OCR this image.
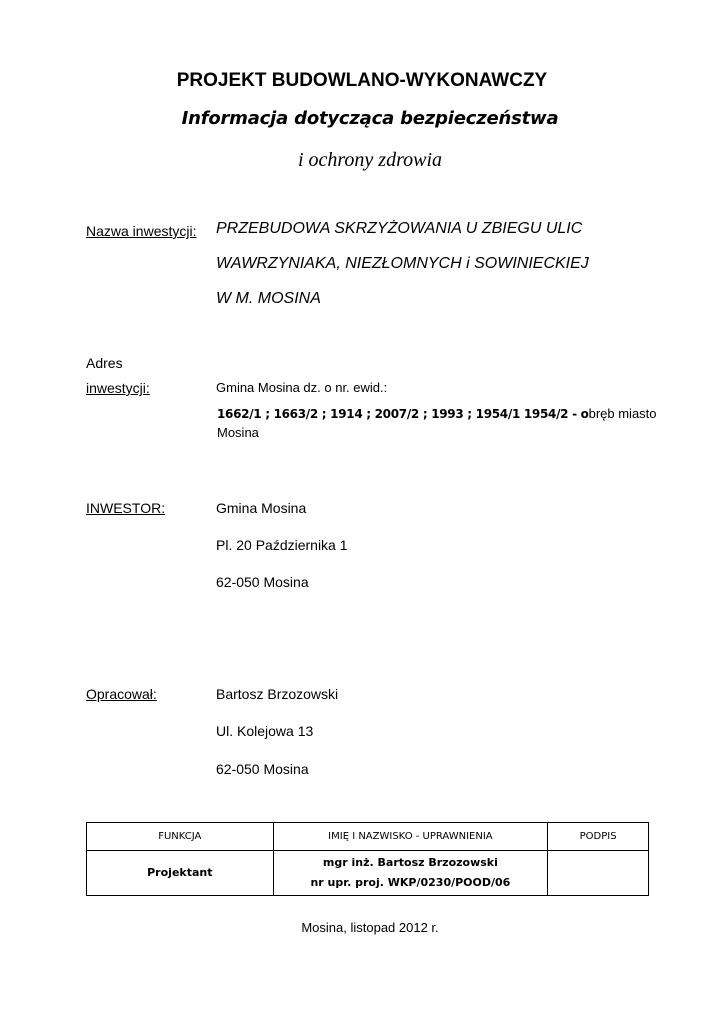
PROJEKT BUDOWLANO-WYKONAWCZY
Informacja dotycząca bezpieczeństwa
i ochrony zdrowia
Nazwa inwestycji: PRZEBUDOWA SKRZYŻOWANIA U ZBIEGU ULIC
WAWRZYNIAKA, NIEZŁOMNYCH i SOWINIECKIEJ
W M. MOSINA
Adres
inwestycji:	Gmina Mosina dz. o nr. ewid.:
1662/1 ; 1663/2 ; 1914 ; 2007/2 ; 1993 ; 1954/1 1954/2 - obręb miasto
Mosina
INWESTOR:	Gmina Mosina
Pl. 20 Października 1
62-050 Mosina
Opracował:	Bartosz Brzozowski
Ul. Kolejowa 13
62-050 Mosina
FUNKCJA	IMIĘ I NAZWISKO - UPRAWNIENIA	PODPIS
Projektant	mgr inż. Bartosz Brzozowski
nr upr. proj. WKP/0230/POOD/06	

Mosina, listopad 2012 r.
